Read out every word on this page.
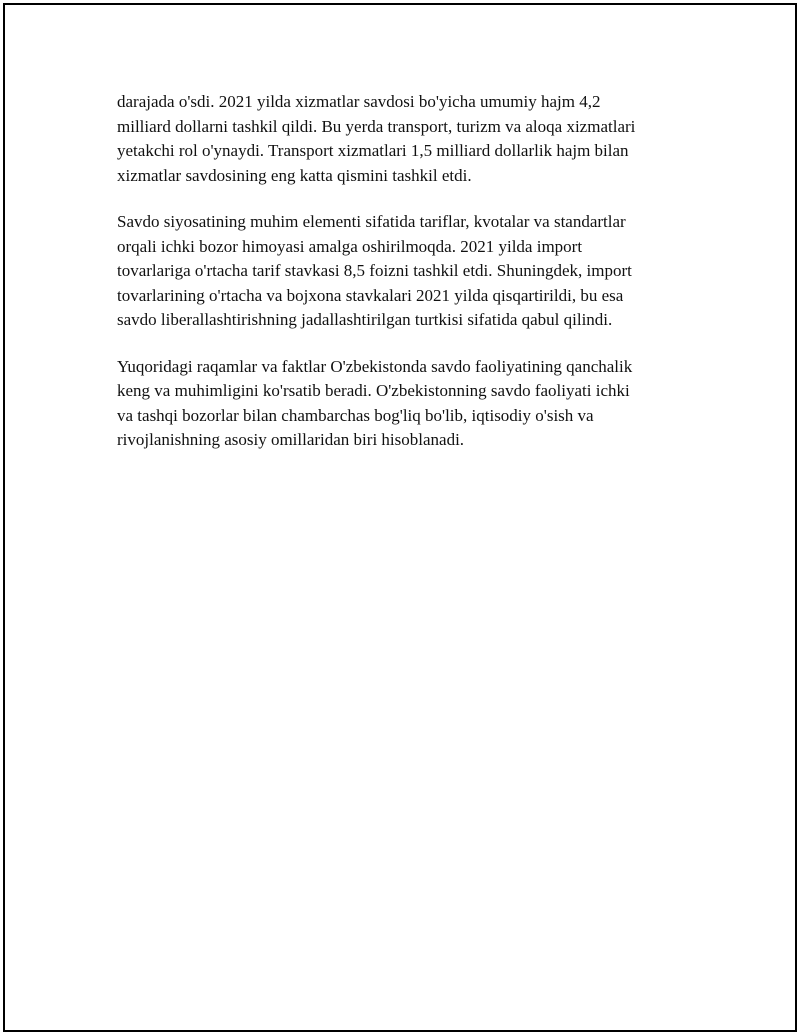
darajada o'sdi. 2021 yilda xizmatlar savdosi bo'yicha umumiy hajm 4,2
milliard dollarni tashkil qildi. Bu yerda transport, turizm va aloqa xizmatlari
yetakchi rol o'ynaydi. Transport xizmatlari 1,5 milliard dollarlik hajm bilan
xizmatlar savdosining eng katta qismini tashkil etdi.

Savdo siyosatining muhim elementi sifatida tariflar, kvotalar va standartlar
orqali ichki bozor himoyasi amalga oshirilmoqda. 2021 yilda import
tovarlariga o'rtacha tarif stavkasi 8,5 foizni tashkil etdi. Shuningdek, import
tovarlarining o'rtacha va bojxona stavkalari 2021 yilda qisqartirildi, bu esa
savdo liberallashtirishning jadallashtirilgan turtkisi sifatida qabul qilindi.

Yuqoridagi raqamlar va faktlar O'zbekistonda savdo faoliyatining qanchalik
keng va muhimligini ko'rsatib beradi. O'zbekistonning savdo faoliyati ichki
va tashqi bozorlar bilan chambarchas bog'liq bo'lib, iqtisodiy o'sish va
rivojlanishning asosiy omillaridan biri hisoblanadi.
